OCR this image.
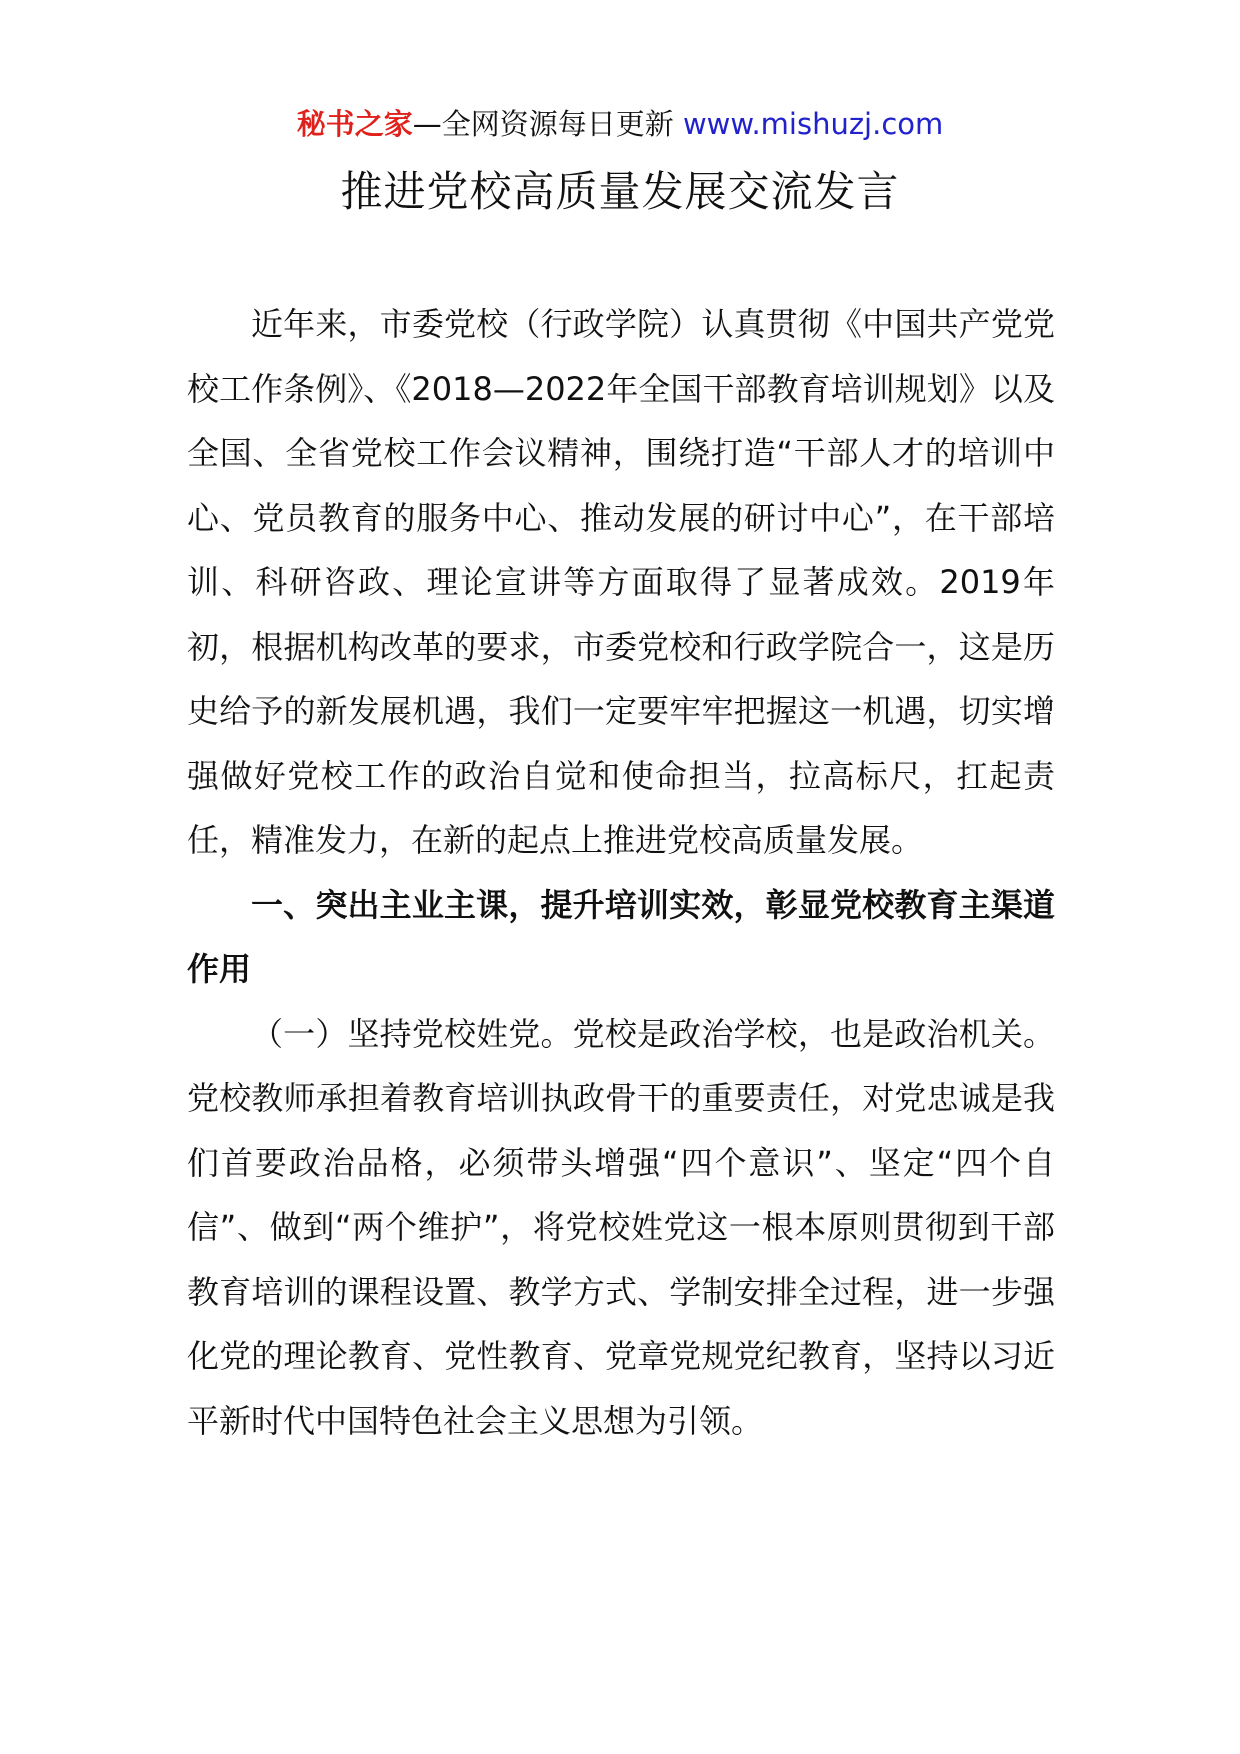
秘书之家—全网资源每日更新 www.mishuzj.com
推进党校高质量发展交流发言

近年来，市委党校（行政学院）认真贯彻《中国共产党党校工作条例》、《2018—2022年全国干部教育培训规划》以及全国、全省党校工作会议精神，围绕打造“干部人才的培训中心、党员教育的服务中心、推动发展的研讨中心”，在干部培训、科研咨政、理论宣讲等方面取得了显著成效。2019年初，根据机构改革的要求，市委党校和行政学院合一，这是历史给予的新发展机遇，我们一定要牢牢把握这一机遇，切实增强做好党校工作的政治自觉和使命担当，拉高标尺，扛起责任，精准发力，在新的起点上推进党校高质量发展。

一、突出主业主课，提升培训实效，彰显党校教育主渠道作用

（一）坚持党校姓党。党校是政治学校，也是政治机关。党校教师承担着教育培训执政骨干的重要责任，对党忠诚是我们首要政治品格，必须带头增强“四个意识”、坚定“四个自信”、做到“两个维护”，将党校姓党这一根本原则贯彻到干部教育培训的课程设置、教学方式、学制安排全过程，进一步强化党的理论教育、党性教育、党章党规党纪教育，坚持以习近平新时代中国特色社会主义思想为引领。
